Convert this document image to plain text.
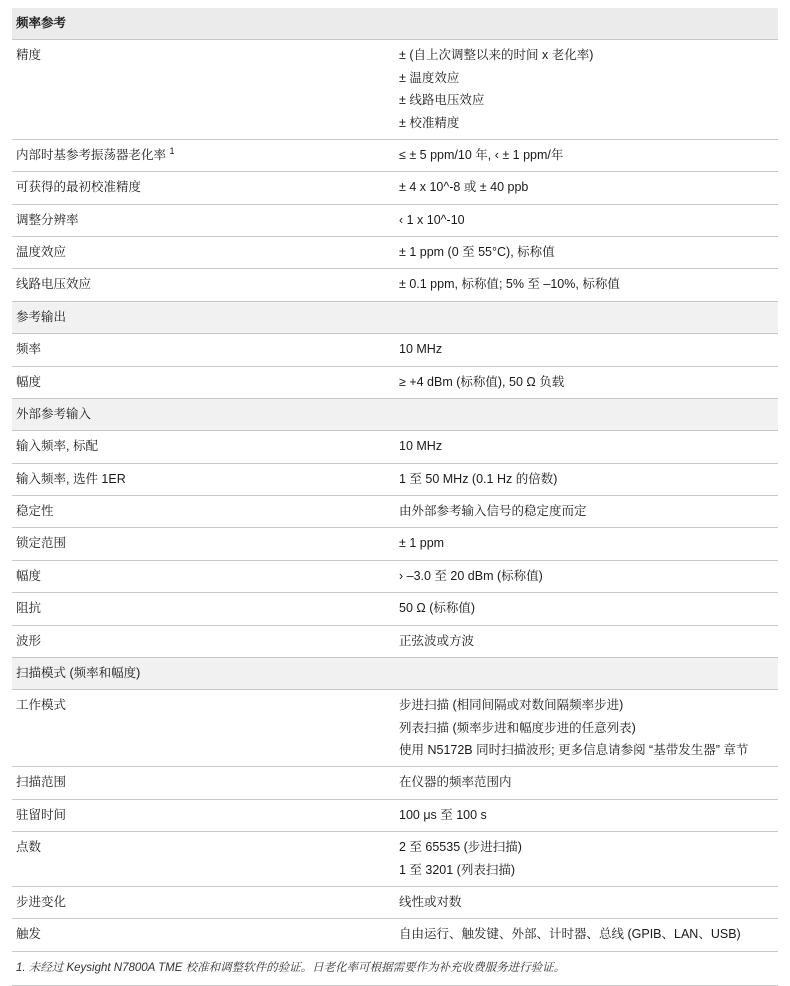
频率参考	
精度	± (自上次调整以来的时间 x 老化率)
± 温度效应
± 线路电压效应
± 校准精度

内部时基参考振荡器老化率 $^1$	≤ ± 5 ppm/10 年, ‹ ± 1 ppm/年

可获得的最初校准精度	± 4 x 10^-8 或 ± 40 ppb

调整分辨率	‹ 1 x 10^-10

温度效应	± 1 ppm (0 至 55°C), 标称值

线路电压效应	± 0.1 ppm, 标称值; 5% 至 –10%, 标称值

参考输出	
频率	10 MHz

幅度	≥ +4 dBm (标称值), 50 Ω 负载

外部参考输入	
输入频率, 标配	10 MHz

输入频率, 选件 1ER	1 至 50 MHz (0.1 Hz 的倍数)

稳定性	由外部参考输入信号的稳定度而定

锁定范围	± 1 ppm

幅度	› –3.0 至 20 dBm (标称值)

阻抗	50 Ω (标称值)

波形	正弦波或方波

扫描模式 (频率和幅度)	
工作模式	步进扫描 (相同间隔或对数间隔频率步进)
列表扫描 (频率步进和幅度步进的任意列表)
使用 N5172B 同时扫描波形; 更多信息请参阅 “基带发生器” 章节

扫描范围	在仪器的频率范围内

驻留时间	100 μs 至 100 s

点数	2 至 65535 (步进扫描)
1 至 3201 (列表扫描)

步进变化	线性或对数

触发	自由运行、触发键、外部、计时器、总线 (GPIB、LAN、USB)
1. 未经过 Keysight N7800A TME 校准和调整软件的验证。日老化率可根据需要作为补充收费服务进行验证。
